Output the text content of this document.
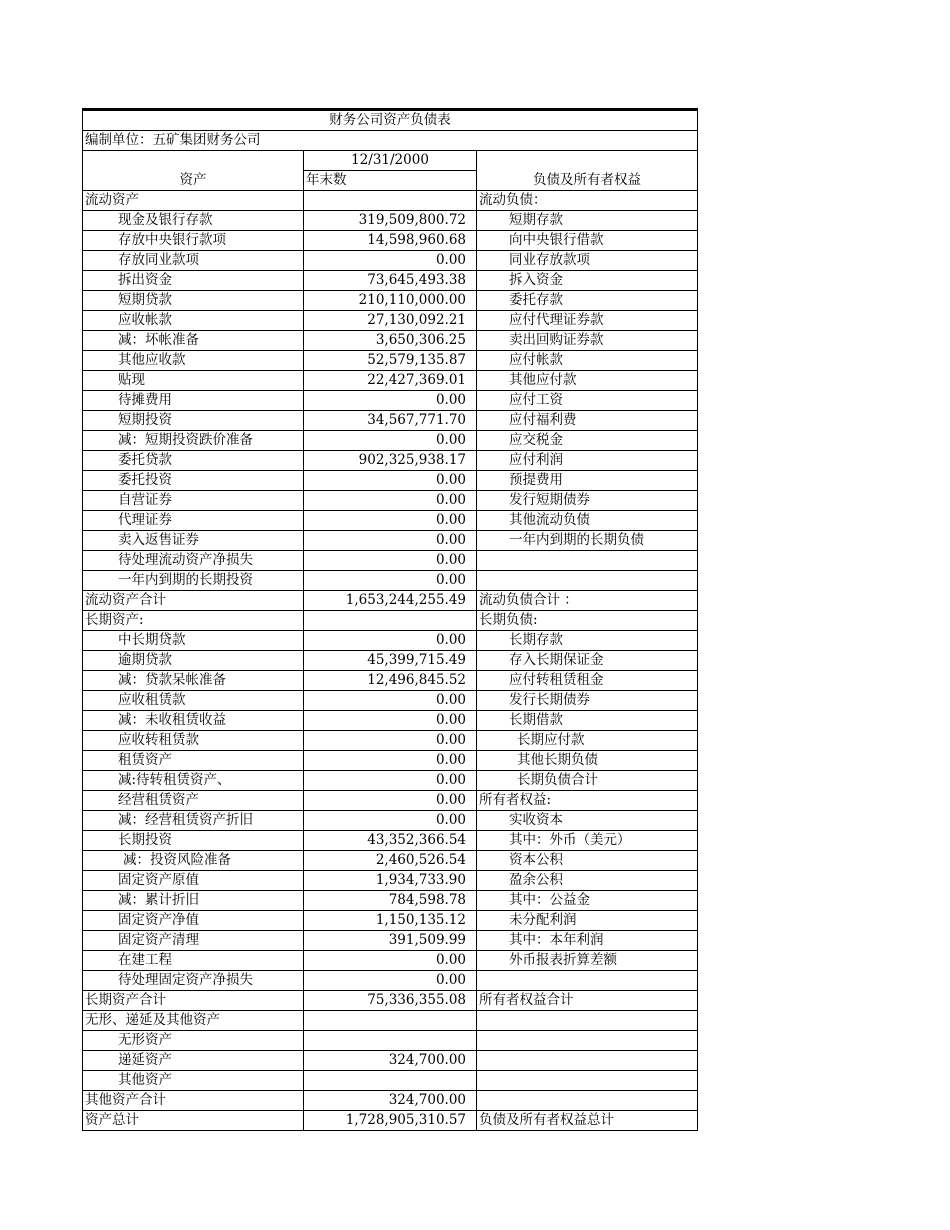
财务公司资产负债表		
编制单位：五矿集团财务公司		
资产	12/31/2000	负债及所有者权益
	年末数	
流动资产		流动负债：
现金及银行存款	319,509,800.72	短期存款
存放中央银行款项	14,598,960.68	向中央银行借款
存放同业款项	0.00	同业存放款项
拆出资金	73,645,493.38	拆入资金
短期贷款	210,110,000.00	委托存款
应收帐款	27,130,092.21	应付代理证券款
减：坏帐准备	3,650,306.25	卖出回购证券款
其他应收款	52,579,135.87	应付帐款
贴现	22,427,369.01	其他应付款
待摊费用	0.00	应付工资
短期投资	34,567,771.70	应付福利费
减：短期投资跌价准备	0.00	应交税金
委托贷款	902,325,938.17	应付利润
委托投资	0.00	预提费用
自营证券	0.00	发行短期债券
代理证券	0.00	其他流动负债
卖入返售证券	0.00	一年内到期的长期负债
待处理流动资产净损失	0.00	
一年内到期的长期投资	0.00	
流动资产合计	1,653,244,255.49	流动负债合计 ：
长期资产:		长期负债:
中长期贷款	0.00	长期存款
逾期贷款	45,399,715.49	存入长期保证金
减：贷款呆帐准备	12,496,845.52	应付转租赁租金
应收租赁款	0.00	发行长期债券
减：未收租赁收益	0.00	长期借款
应收转租赁款	0.00	长期应付款
租赁资产	0.00	其他长期负债
减:待转租赁资产、	0.00	长期负债合计
经营租赁资产	0.00	所有者权益:
减：经营租赁资产折旧	0.00	实收资本
长期投资	43,352,366.54	其中：外币（美元）
减：投资风险准备	2,460,526.54	资本公积
固定资产原值	1,934,733.90	盈余公积
减：累计折旧	784,598.78	其中：公益金
固定资产净值	1,150,135.12	未分配利润
固定资产清理	391,509.99	其中：本年利润
在建工程	0.00	外币报表折算差额
待处理固定资产净损失	0.00	
长期资产合计	75,336,355.08	所有者权益合计
无形、递延及其他资产		
无形资产		
递延资产	324,700.00	
其他资产		
其他资产合计	324,700.00	
资产总计	1,728,905,310.57	负债及所有者权益总计
